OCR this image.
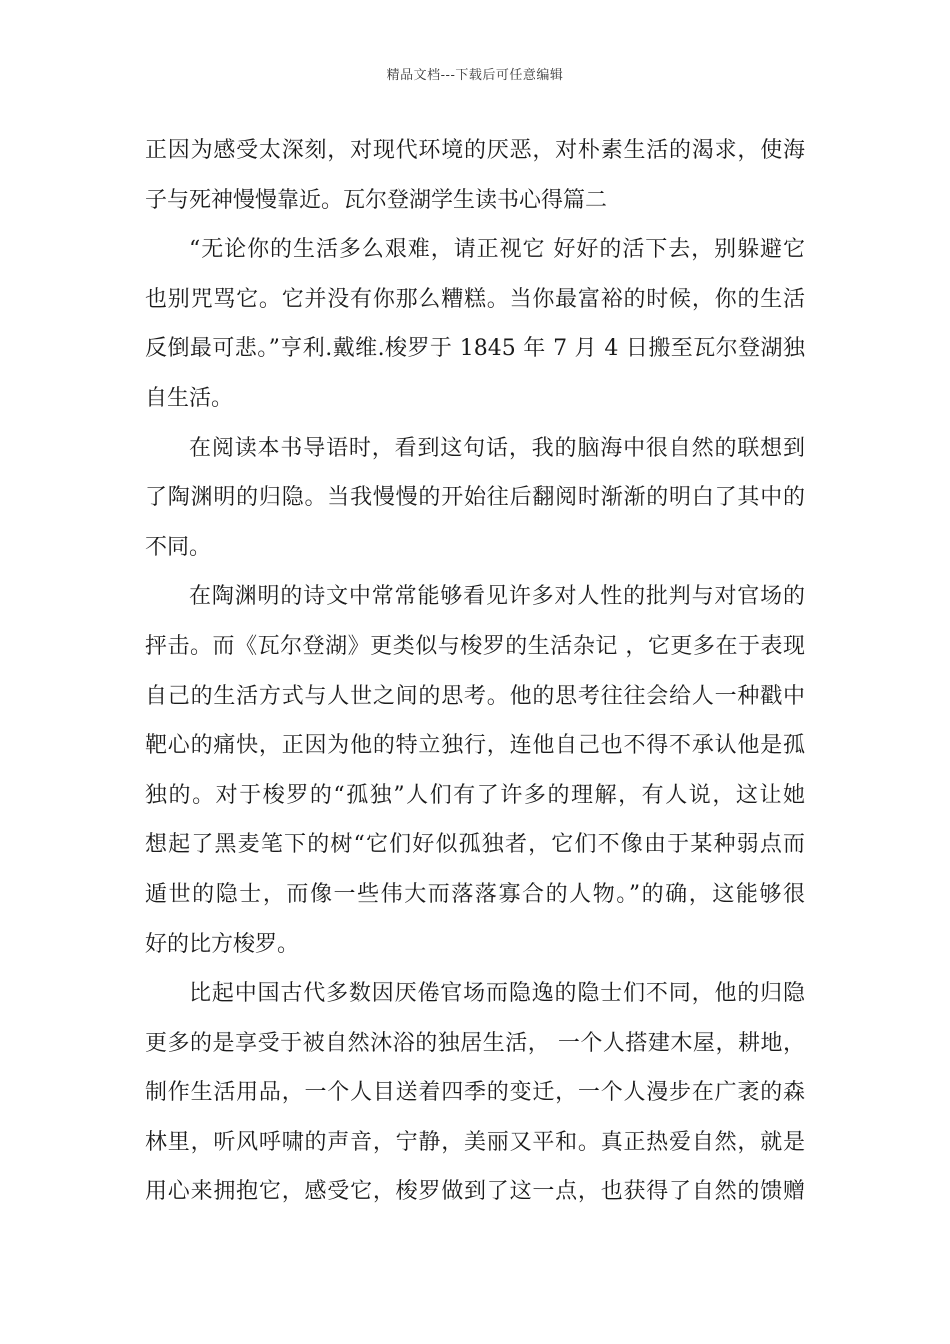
精品文档---下载后可任意编辑
正因为感受太深刻，对现代环境的厌恶，对朴素生活的渴求，使海
子与死神慢慢靠近。瓦尔登湖学生读书心得篇二
“无论你的生活多么艰难，请正视它 好好的活下去，别躲避它
也别咒骂它。它并没有你那么糟糕。当你最富裕的时候，你的生活
反倒最可悲。”亨利.戴维.梭罗于 1845 年 7 月 4 日搬至瓦尔登湖独
自生活。
在阅读本书导语时，看到这句话，我的脑海中很自然的联想到
了陶渊明的归隐。当我慢慢的开始往后翻阅时渐渐的明白了其中的
不同。
在陶渊明的诗文中常常能够看见许多对人性的批判与对官场的
抨击。而《瓦尔登湖》更类似与梭罗的生活杂记 ，它更多在于表现
自己的生活方式与人世之间的思考。他的思考往往会给人一种戳中
靶心的痛快，正因为他的特立独行，连他自己也不得不承认他是孤
独的。对于梭罗的“孤独”人们有了许多的理解，有人说，这让她
想起了黑麦笔下的树“它们好似孤独者，它们不像由于某种弱点而
遁世的隐士，而像一些伟大而落落寡合的人物。”的确，这能够很
好的比方梭罗。
比起中国古代多数因厌倦官场而隐逸的隐士们不同，他的归隐
更多的是享受于被自然沐浴的独居生活， 一个人搭建木屋，耕地，
制作生活用品，一个人目送着四季的变迁，一个人漫步在广袤的森
林里，听风呼啸的声音，宁静，美丽又平和。真正热爱自然，就是
用心来拥抱它，感受它，梭罗做到了这一点，也获得了自然的馈赠
